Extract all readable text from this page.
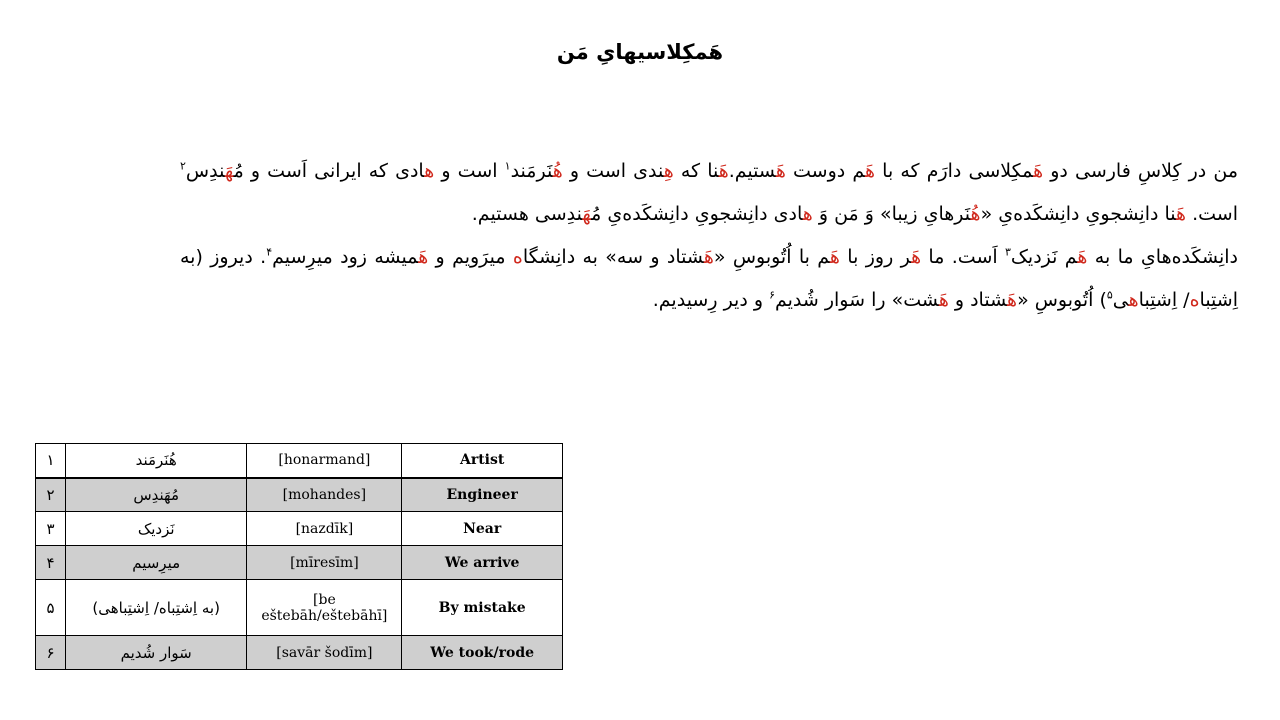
هَمکِلاسیهایِ مَن

من در کِلاسِ فارسی دو هَمکِلاسی دارَم که با هَم دوست هَستیم.هَنا که هِندی است و هُنَرمَند$^۱$ است و هادی که ایرانی اَست و مُهَندِس$^۲$ است. هَنا دانِشجویِ دانِشکَدەیِ «هُنَرهایِ زیبا» وَ مَن وَ هادی دانِشجویِ دانِشکَدەیِ مُهَندِسی هستیم.

دانِشکَدەهایِ ما به هَم نَزدیک$^۳$ اَست. ما هَر روز با هَم با اُتُوبوسِ «هَشتاد و سه» به دانِشگاه میرَویم و هَمیشه زود میرِسیم$^۴$. دیروز (به اِشتِباه/ اِشتِباهی$^۵$) اُتُوبوسِ «هَشتاد و هَشت» را سَوار شُدیم$^۶$ و دیر رِسیدیم.

۱	هُنَرمَند	[honarmand]	Artist
۲	مُهَندِس	[mohandes]	Engineer
۳	نَزدیک	[nazdīk]	Near
۴	میرِسیم	[mīresīm]	We arrive
۵	(به اِشتِباه/ اِشتِباهی)	[be eštebāh/eštebāhī]	By mistake
۶	سَوار شُدیم	[savār šodīm]	We took/rode
